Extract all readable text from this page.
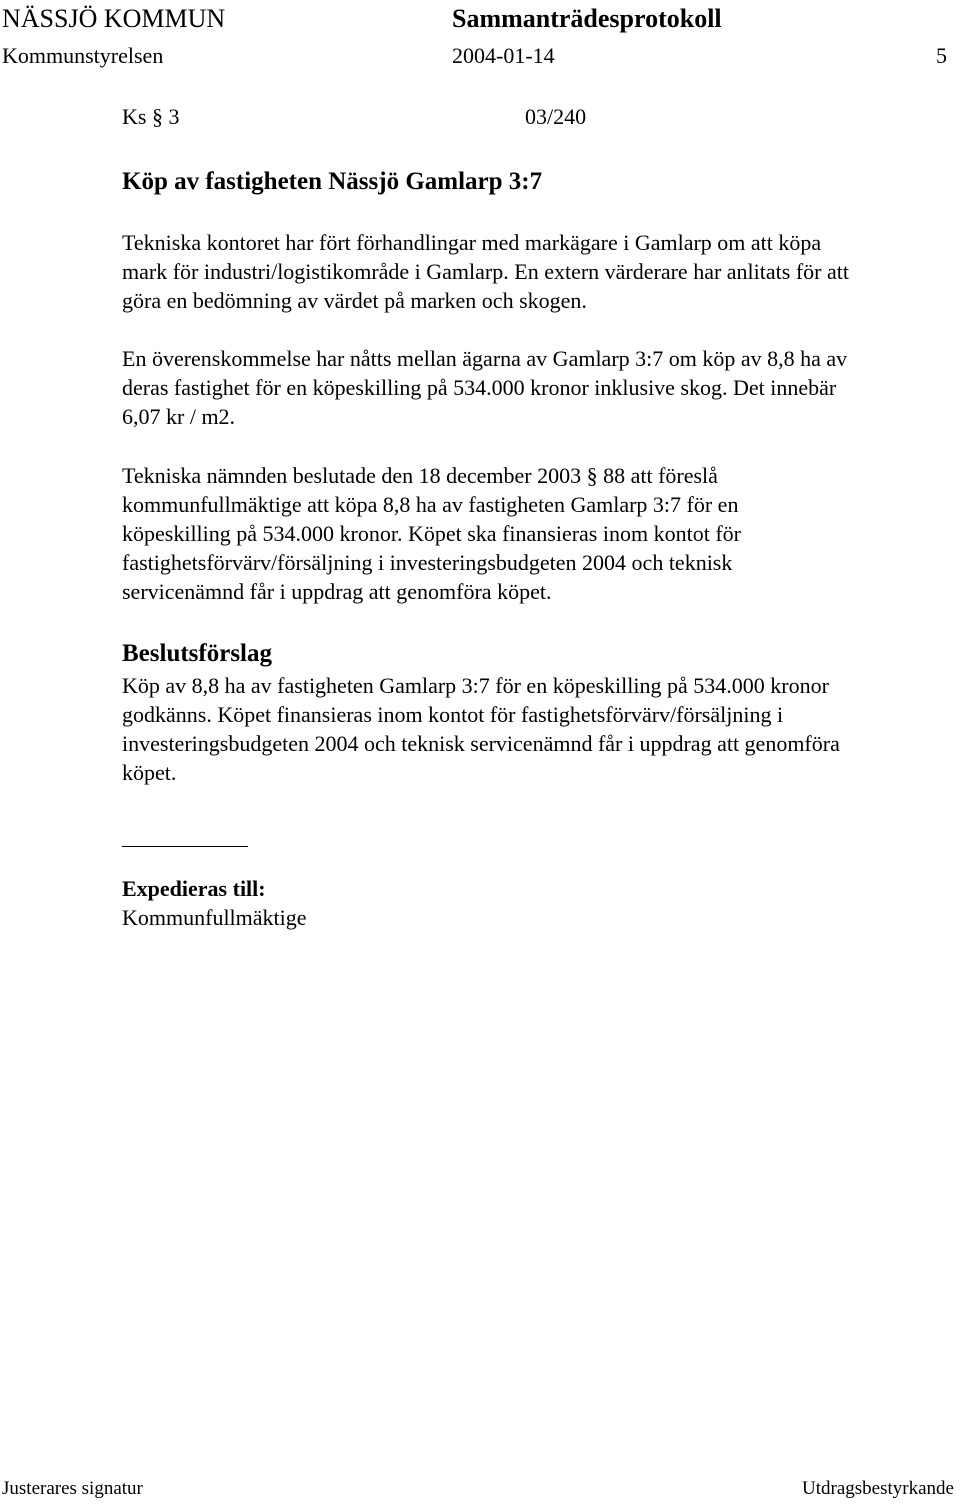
NÄSSJÖ KOMMUN	Sammanträdesprotokoll
Kommunstyrelsen	2004-01-14	5
Ks § 3	03/240
Köp av fastigheten Nässjö Gamlarp 3:7
Tekniska kontoret har fört förhandlingar med markägare i Gamlarp om att köpa
mark för industri/logistikområde i Gamlarp. En extern värderare har anlitats för att
göra en bedömning av värdet på marken och skogen.
En överenskommelse har nåtts mellan ägarna av Gamlarp 3:7 om köp av 8,8 ha av
deras fastighet för en köpeskilling på 534.000 kronor inklusive skog. Det innebär
6,07 kr / m2.
Tekniska nämnden beslutade den 18 december 2003 § 88 att föreslå
kommunfullmäktige att köpa 8,8 ha av fastigheten Gamlarp 3:7 för en
köpeskilling på 534.000 kronor. Köpet ska finansieras inom kontot för
fastighetsförvärv/försäljning i investeringsbudgeten 2004 och teknisk
servicenämnd får i uppdrag att genomföra köpet.
Beslutsförslag
Köp av 8,8 ha av fastigheten Gamlarp 3:7 för en köpeskilling på 534.000 kronor
godkänns. Köpet finansieras inom kontot för fastighetsförvärv/försäljning i
investeringsbudgeten 2004 och teknisk servicenämnd får i uppdrag att genomföra
köpet.
Expedieras till:
Kommunfullmäktige
Justerares signatur	Utdragsbestyrkande
